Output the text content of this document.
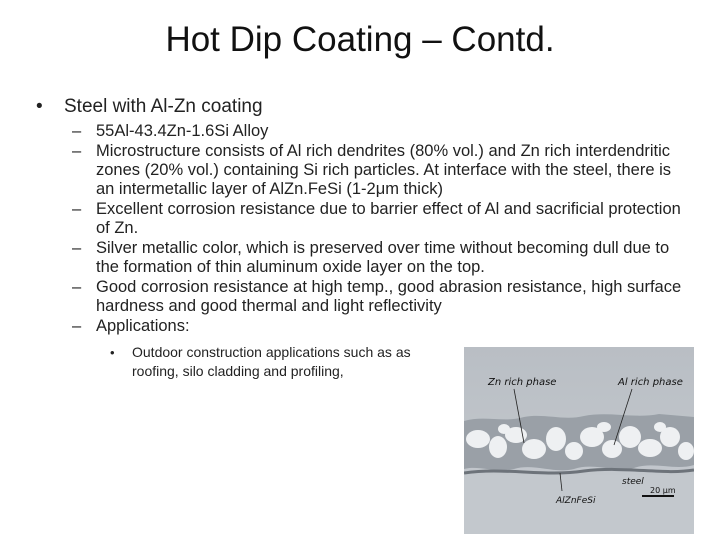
Hot Dip Coating – Contd.
• Steel with Al-Zn coating
– 55Al-43.4Zn-1.6Si Alloy
– Microstructure consists of Al rich dendrites (80% vol.) and Zn rich interdendritic zones (20% vol.) containing Si rich particles. At interface with the steel, there is an intermetallic layer of AlZn.FeSi (1-2μm thick)
– Excellent corrosion resistance due to barrier effect of Al and sacrificial protection of Zn.
– Silver metallic color, which is preserved over time without becoming dull due to the formation of thin aluminum oxide layer on the top.
– Good corrosion resistance at high temp., good abrasion resistance, high surface hardness and good thermal and light reflectivity
– Applications:
• Outdoor construction applications such as as roofing, silo cladding and profiling,
Zn rich phase	Al rich phase
steel
AlZnFeSi
20 μm
